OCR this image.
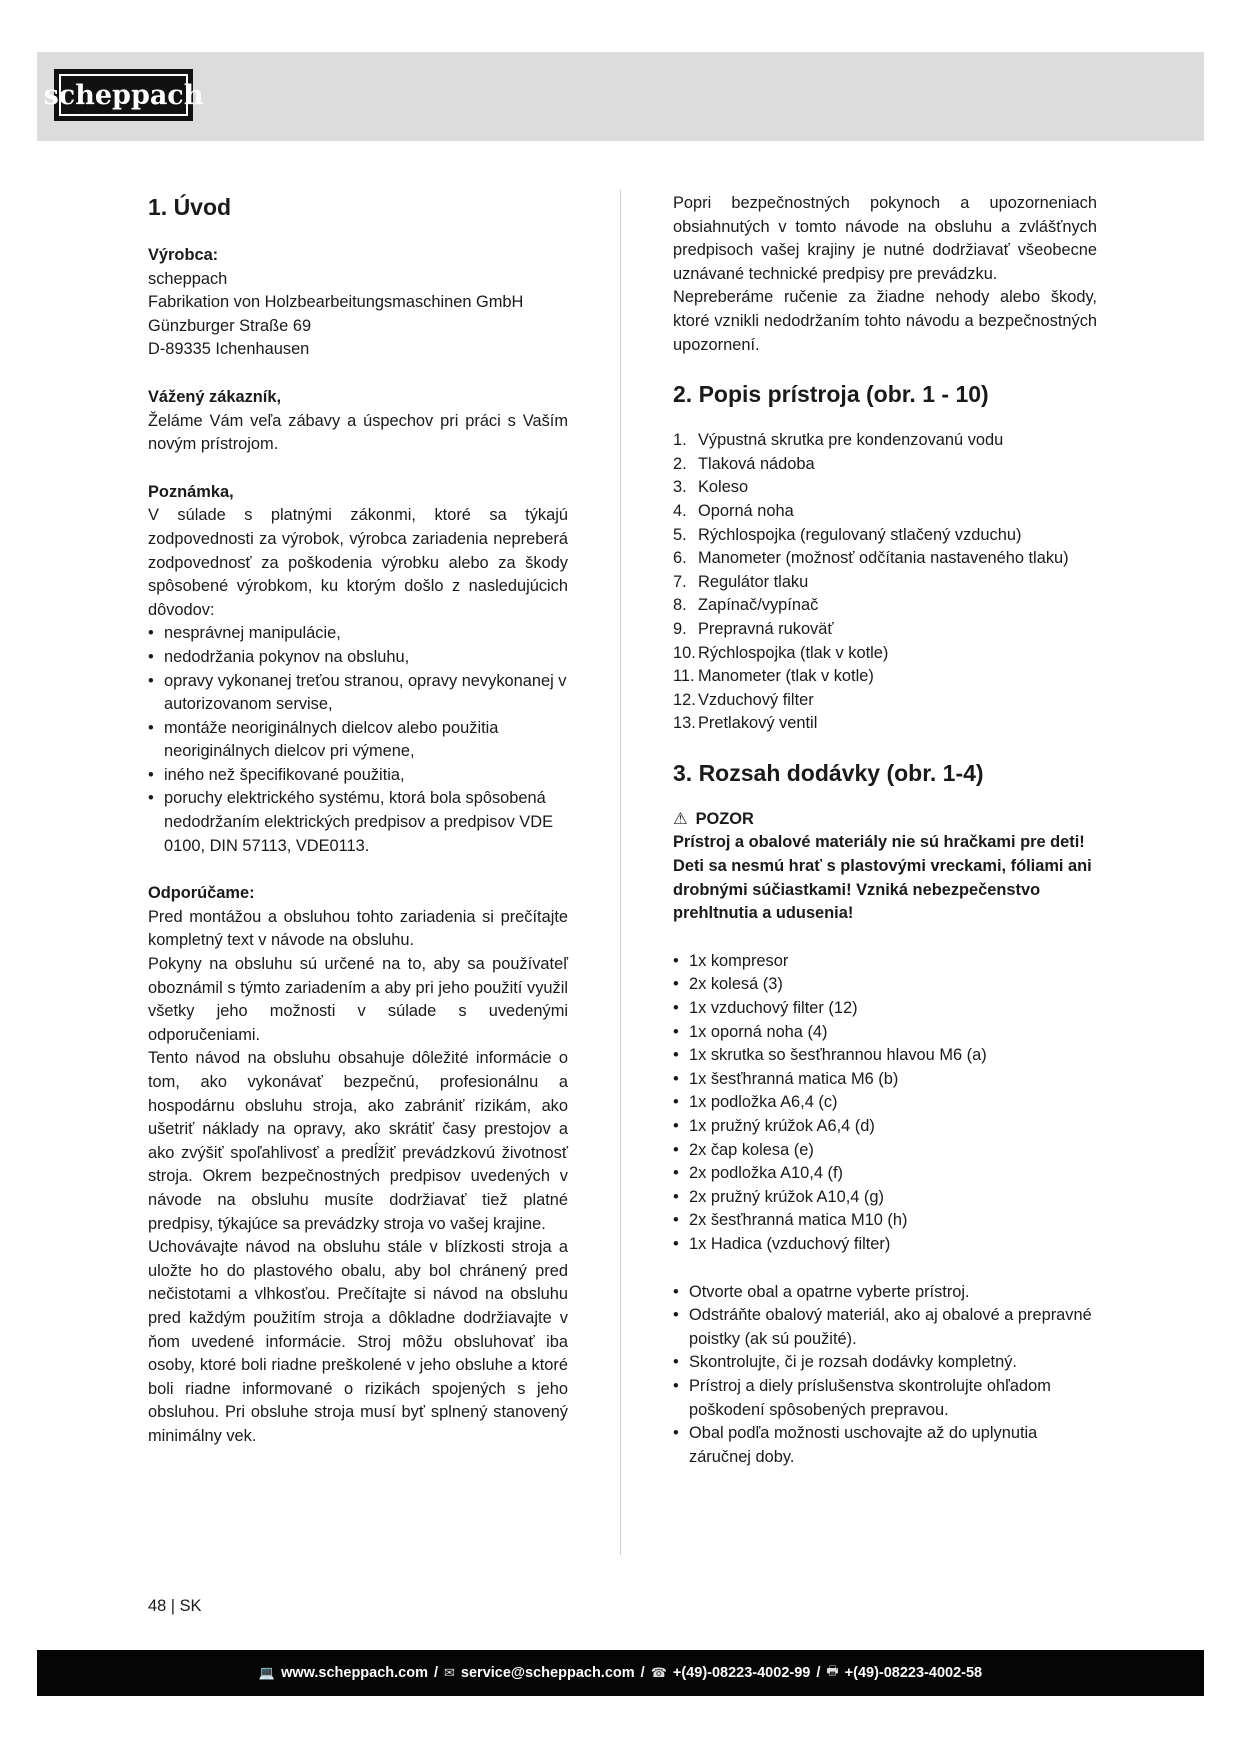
scheppach
1. Úvod

Výrobca:

scheppach

Fabrikation von Holzbearbeitungsmaschinen GmbH

Günzburger Straße 69

D-89335 Ichenhausen

Vážený zákazník,

Želáme Vám veľa zábavy a úspechov pri práci s Vaším novým prístrojom.

Poznámka,

V súlade s platnými zákonmi, ktoré sa týkajú zodpovednosti za výrobok, výrobca zariadenia nepreberá zodpovednosť za poškodenia výrobku alebo za škody spôsobené výrobkom, ku ktorým došlo z nasledujúcich dôvodov:

• nesprávnej manipulácie,
• nedodržania pokynov na obsluhu,
• opravy vykonanej treťou stranou, opravy nevykonanej v autorizovanom servise,
• montáže neoriginálnych dielcov alebo použitia neoriginálnych dielcov pri výmene,
• iného než špecifikované použitia,
• poruchy elektrického systému, ktorá bola spôsobená nedodržaním elektrických predpisov a predpisov VDE 0100, DIN 57113, VDE0113.

Odporúčame:

Pred montážou a obsluhou tohto zariadenia si prečítajte kompletný text v návode na obsluhu.

Pokyny na obsluhu sú určené na to, aby sa používateľ oboznámil s týmto zariadením a aby pri jeho použití využil všetky jeho možnosti v súlade s uvedenými odporučeniami.

Tento návod na obsluhu obsahuje dôležité informácie o tom, ako vykonávať bezpečnú, profesionálnu a hospodárnu obsluhu stroja, ako zabrániť rizikám, ako ušetriť náklady na opravy, ako skrátiť časy prestojov a ako zvýšiť spoľahlivosť a predĺžiť prevádzkovú životnosť stroja. Okrem bezpečnostných predpisov uvedených v návode na obsluhu musíte dodržiavať tiež platné predpisy, týkajúce sa prevádzky stroja vo vašej krajine.

Uchovávajte návod na obsluhu stále v blízkosti stroja a uložte ho do plastového obalu, aby bol chránený pred nečistotami a vlhkosťou. Prečítajte si návod na obsluhu pred každým použitím stroja a dôkladne dodržiavajte v ňom uvedené informácie. Stroj môžu obsluhovať iba osoby, ktoré boli riadne preškolené v jeho obsluhe a ktoré boli riadne informované o rizikách spojených s jeho obsluhou. Pri obsluhe stroja musí byť splnený stanovený minimálny vek.

Popri bezpečnostných pokynoch a upozorneniach obsiahnutých v tomto návode na obsluhu a zvlášťnych predpisoch vašej krajiny je nutné dodržiavať všeobecne uznávané technické predpisy pre prevádzku.

Nepreberáme ručenie za žiadne nehody alebo škody, ktoré vznikli nedodržaním tohto návodu a bezpečnostných upozornení.

2. Popis prístroja (obr. 1 - 10)
1. Výpustná skrutka pre kondenzovanú vodu
2. Tlaková nádoba
3. Koleso
4. Oporná noha
5. Rýchlospojka (regulovaný stlačený vzduchu)
6. Manometer (možnosť odčítania nastaveného tlaku)
7. Regulátor tlaku
8. Zapínač/vypínač
9. Prepravná rukoväť
10. Rýchlospojka (tlak v kotle)
11. Manometer (tlak v kotle)
12. Vzduchový filter
13. Pretlakový ventil
3. Rozsah dodávky (obr. 1-4)

⚠ POZOR

Prístroj a obalové materiály nie sú hračkami pre deti! Deti sa nesmú hrať s plastovými vreckami, fóliami ani drobnými súčiastkami! Vzniká nebezpečenstvo prehltnutia a udusenia!

• 1x kompresor
• 2x kolesá (3)
• 1x vzduchový filter (12)
• 1x oporná noha (4)
• 1x skrutka so šesťhrannou hlavou M6 (a)
• 1x šesťhranná matica M6 (b)
• 1x podložka A6,4 (c)
• 1x pružný krúžok A6,4 (d)
• 2x čap kolesa (e)
• 2x podložka A10,4 (f)
• 2x pružný krúžok A10,4 (g)
• 2x šesťhranná matica M10 (h)
• 1x Hadica (vzduchový filter)
• Otvorte obal a opatrne vyberte prístroj.
• Odstráňte obalový materiál, ako aj obalové a prepravné poistky (ak sú použité).
• Skontrolujte, či je rozsah dodávky kompletný.
• Prístroj a diely príslušenstva skontrolujte ohľadom poškodení spôsobených prepravou.
• Obal podľa možnosti uschovajte až do uplynutia záručnej doby.
48 | SK
💻 www.scheppach.com / ✉ service@scheppach.com / ☎ +(49)-08223-4002-99 / 🖶 +(49)-08223-4002-58
